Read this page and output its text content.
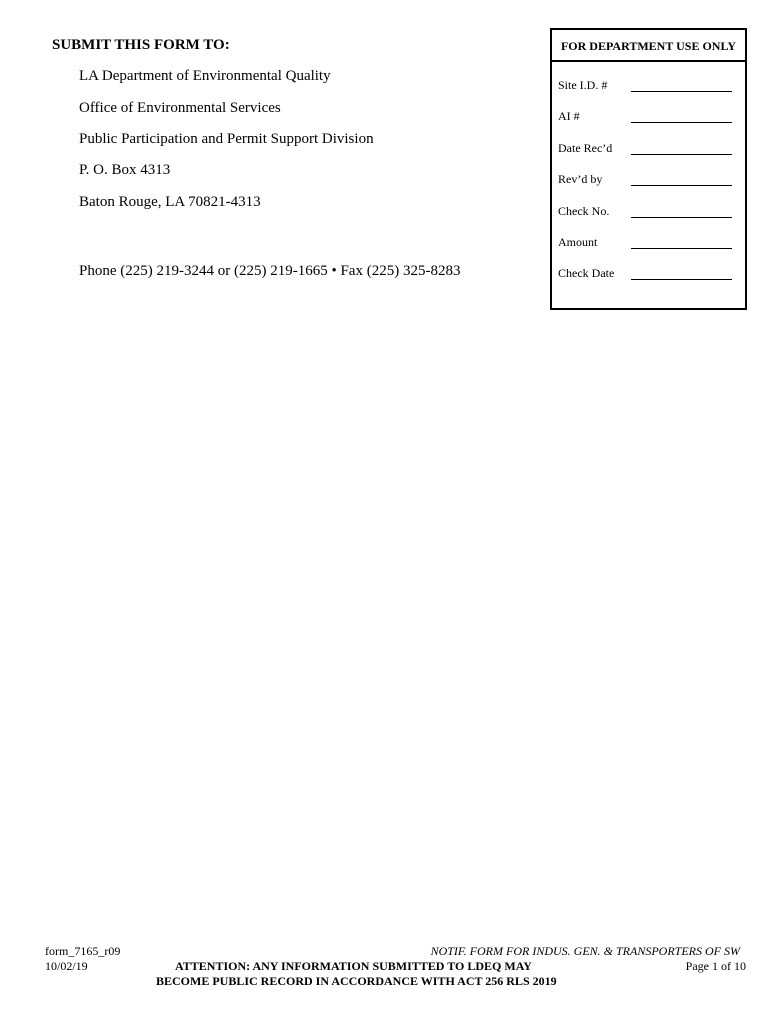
SUBMIT THIS FORM TO:
LA Department of Environmental Quality
Office of Environmental Services
Public Participation and Permit Support Division
P. O. Box 4313
Baton Rouge, LA 70821-4313
Phone (225) 219-3244 or (225) 219-1665 • Fax (225) 325-8283
FOR DEPARTMENT USE ONLY
Site I.D. #
AI #
Date Rec’d
Rev’d by
Check No.
Amount
Check Date
form_7165_r09	NOTIF. FORM FOR INDUS. GEN. & TRANSPORTERS OF SW
10/02/19	ATTENTION: ANY INFORMATION SUBMITTED TO LDEQ MAY	Page 1 of 10
BECOME PUBLIC RECORD IN ACCORDANCE WITH ACT 256 RLS 2019
